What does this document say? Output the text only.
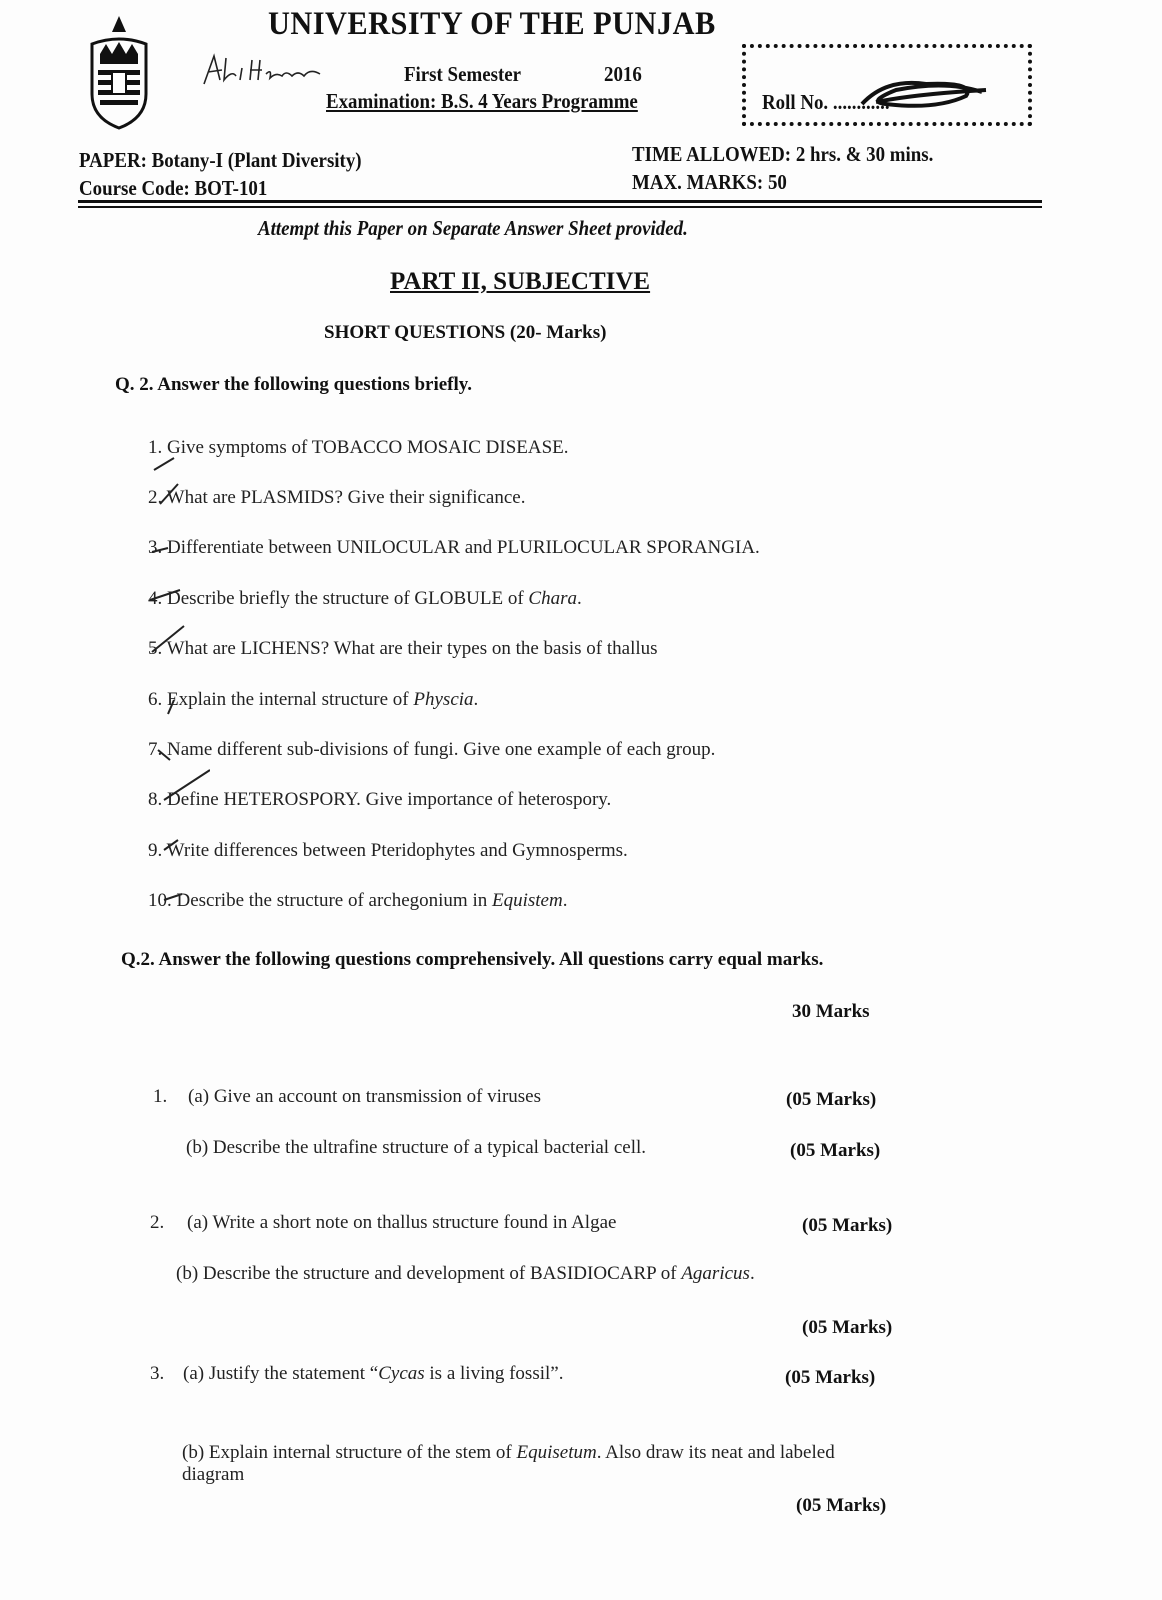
UNIVERSITY OF THE PUNJAB
First Semester	2016
Examination: B.S. 4 Years Programme	Roll No. ............
PAPER: Botany-I (Plant Diversity)
Course Code: BOT-101
TIME ALLOWED: 2 hrs. & 30 mins.
MAX. MARKS: 50
Attempt this Paper on Separate Answer Sheet provided.
PART II, SUBJECTIVE
SHORT QUESTIONS (20- Marks)
Q. 2. Answer the following questions briefly.
1. Give symptoms of TOBACCO MOSAIC DISEASE.
2. What are PLASMIDS? Give their significance.
3. Differentiate between UNILOCULAR and PLURILOCULAR SPORANGIA.
4. Describe briefly the structure of GLOBULE of Chara.
5. What are LICHENS? What are their types on the basis of thallus
6. Explain the internal structure of Physcia.
7. Name different sub-divisions of fungi. Give one example of each group.
8. Define HETEROSPORY. Give importance of heterospory.
9. Write differences between Pteridophytes and Gymnosperms.
10. Describe the structure of archegonium in Equistem.
Q.2. Answer the following questions comprehensively. All questions carry equal marks.
30 Marks
1. (a) Give an account on transmission of viruses	(05 Marks)
(b) Describe the ultrafine structure of a typical bacterial cell.	(05 Marks)
2. (a) Write a short note on thallus structure found in Algae	(05 Marks)
(b) Describe the structure and development of BASIDIOCARP of Agaricus.
(05 Marks)
3. (a) Justify the statement “Cycas is a living fossil”.	(05 Marks)
(b) Explain internal structure of the stem of Equisetum. Also draw its neat and labeled
diagram
(05 Marks)
